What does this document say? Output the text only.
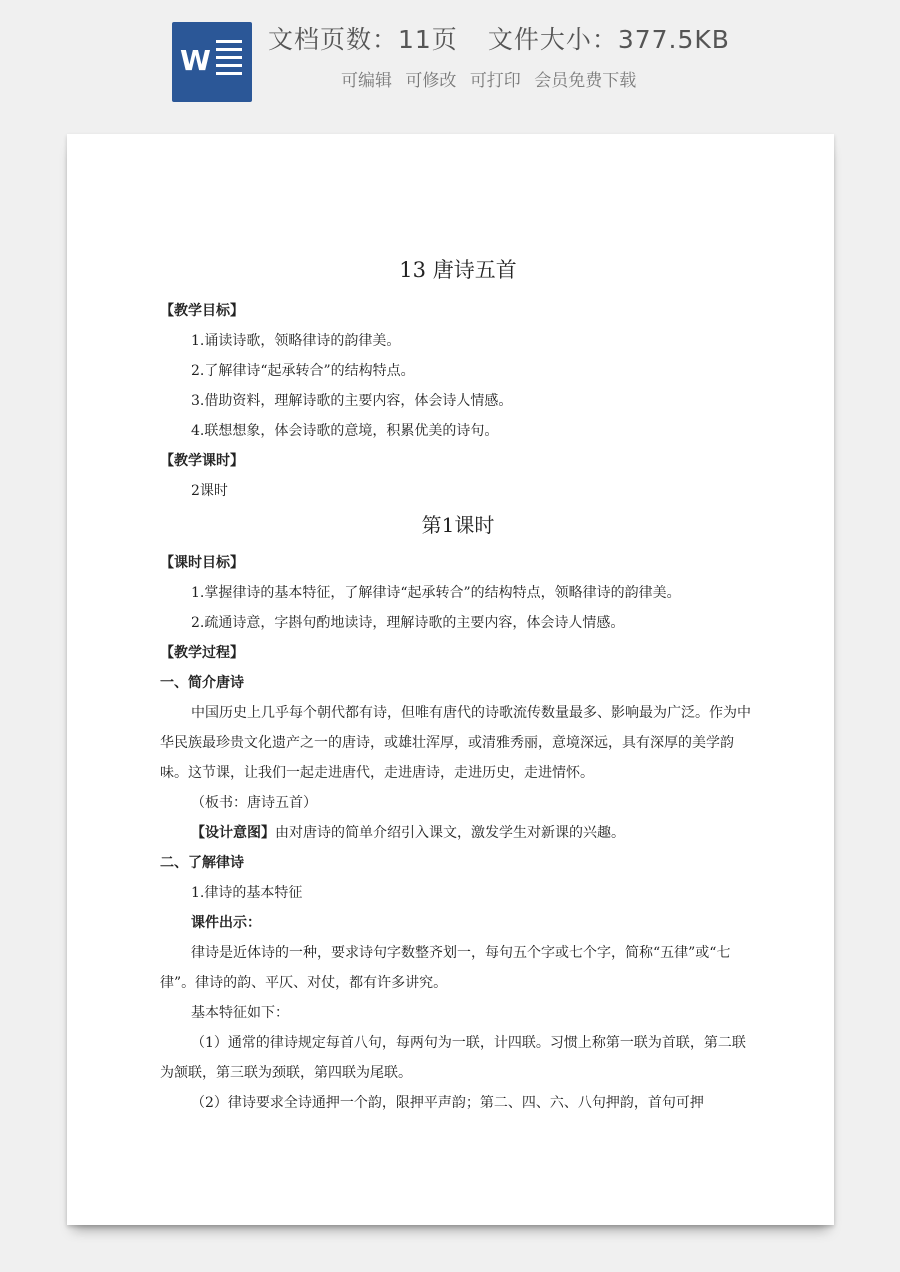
W
文档页数：11页 文件大小：377.5KB
可编辑 可修改 可打印 会员免费下载
13 唐诗五首

【教学目标】

1.诵读诗歌，领略律诗的韵律美。

2.了解律诗“起承转合”的结构特点。

3.借助资料，理解诗歌的主要内容，体会诗人情感。

4.联想想象，体会诗歌的意境，积累优美的诗句。

【教学课时】

2课时

第1课时

【课时目标】

1.掌握律诗的基本特征，了解律诗“起承转合”的结构特点，领略律诗的韵律美。

2.疏通诗意，字斟句酌地读诗，理解诗歌的主要内容，体会诗人情感。

【教学过程】

一、简介唐诗

中国历史上几乎每个朝代都有诗，但唯有唐代的诗歌流传数量最多、影响最为广泛。作为中华民族最珍贵文化遗产之一的唐诗，或雄壮浑厚，或清雅秀丽，意境深远，具有深厚的美学韵味。这节课，让我们一起走进唐代，走进唐诗，走进历史，走进情怀。

（板书：唐诗五首）

【设计意图】由对唐诗的简单介绍引入课文，激发学生对新课的兴趣。

二、了解律诗

1.律诗的基本特征

课件出示：

律诗是近体诗的一种，要求诗句字数整齐划一，每句五个字或七个字，简称“五律”或“七律”。律诗的韵、平仄、对仗，都有许多讲究。

基本特征如下：

（1）通常的律诗规定每首八句，每两句为一联，计四联。习惯上称第一联为首联，第二联为颔联，第三联为颈联，第四联为尾联。

（2）律诗要求全诗通押一个韵，限押平声韵；第二、四、六、八句押韵，首句可押
